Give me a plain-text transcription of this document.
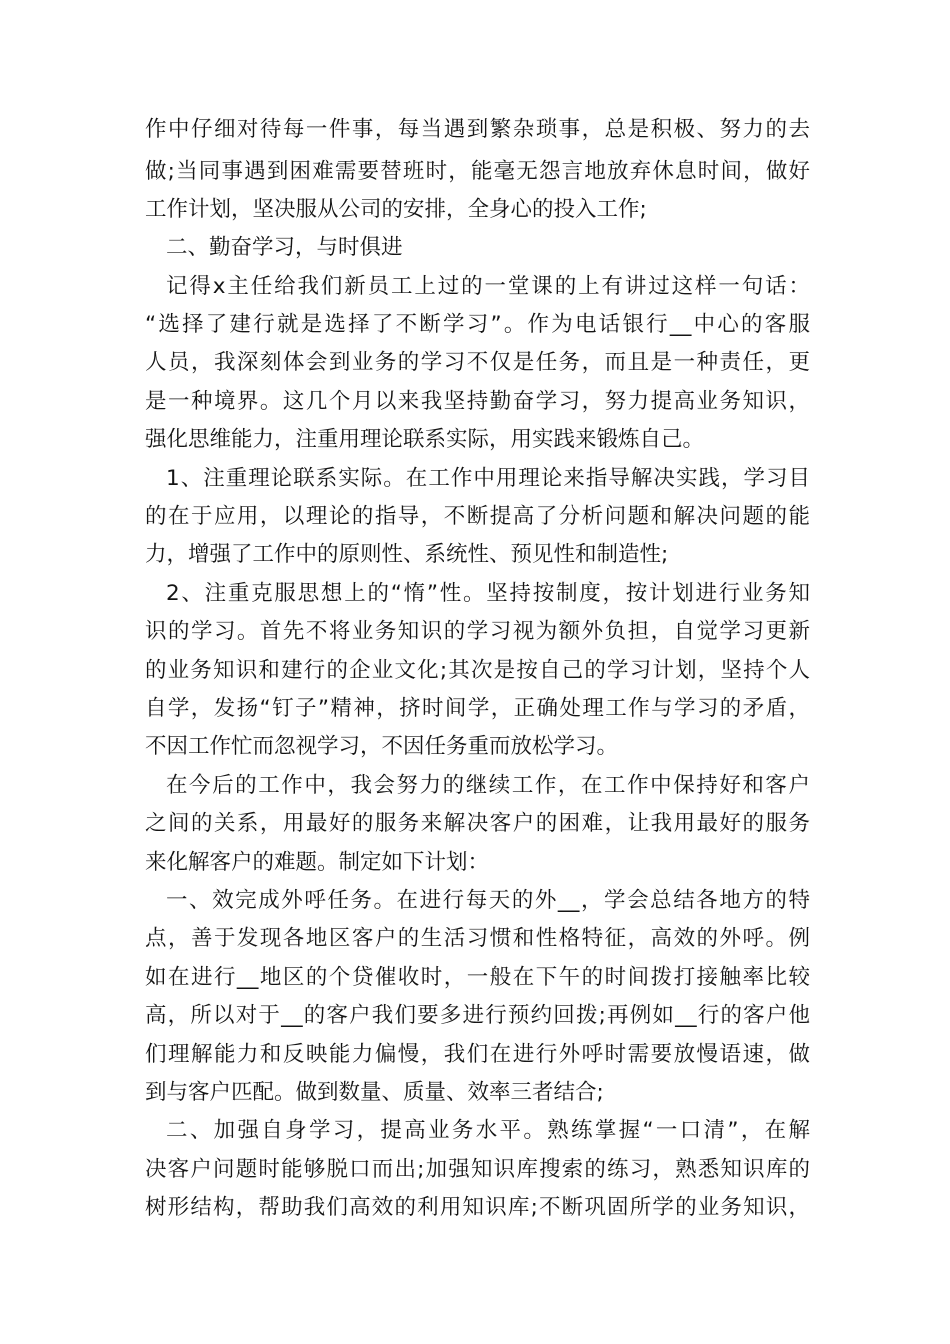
作中仔细对待每一件事，每当遇到繁杂琐事，总是积极、努力的去
做;当同事遇到困难需要替班时，能毫无怨言地放弃休息时间，做好
工作计划，坚决服从公司的安排，全身心的投入工作;
二、勤奋学习，与时俱进
记得x主任给我们新员工上过的一堂课的上有讲过这样一句话：
“选择了建行就是选择了不断学习”。作为电话银行__中心的客服
人员，我深刻体会到业务的学习不仅是任务，而且是一种责任，更
是一种境界。这几个月以来我坚持勤奋学习，努力提高业务知识，
强化思维能力，注重用理论联系实际，用实践来锻炼自己。
1、注重理论联系实际。在工作中用理论来指导解决实践，学习目
的在于应用，以理论的指导，不断提高了分析问题和解决问题的能
力，增强了工作中的原则性、系统性、预见性和制造性;
2、注重克服思想上的“惰”性。坚持按制度，按计划进行业务知
识的学习。首先不将业务知识的学习视为额外负担，自觉学习更新
的业务知识和建行的企业文化;其次是按自己的学习计划，坚持个人
自学，发扬“钉子”精神，挤时间学，正确处理工作与学习的矛盾，
不因工作忙而忽视学习，不因任务重而放松学习。
在今后的工作中，我会努力的继续工作，在工作中保持好和客户
之间的关系，用最好的服务来解决客户的困难，让我用最好的服务
来化解客户的难题。制定如下计划：
一、效完成外呼任务。在进行每天的外__，学会总结各地方的特
点，善于发现各地区客户的生活习惯和性格特征，高效的外呼。例
如在进行__地区的个贷催收时，一般在下午的时间拨打接触率比较
高，所以对于__的客户我们要多进行预约回拨;再例如__行的客户他
们理解能力和反映能力偏慢，我们在进行外呼时需要放慢语速，做
到与客户匹配。做到数量、质量、效率三者结合;
二、加强自身学习，提高业务水平。熟练掌握“一口清”，在解
决客户问题时能够脱口而出;加强知识库搜索的练习，熟悉知识库的
树形结构，帮助我们高效的利用知识库;不断巩固所学的业务知识，
